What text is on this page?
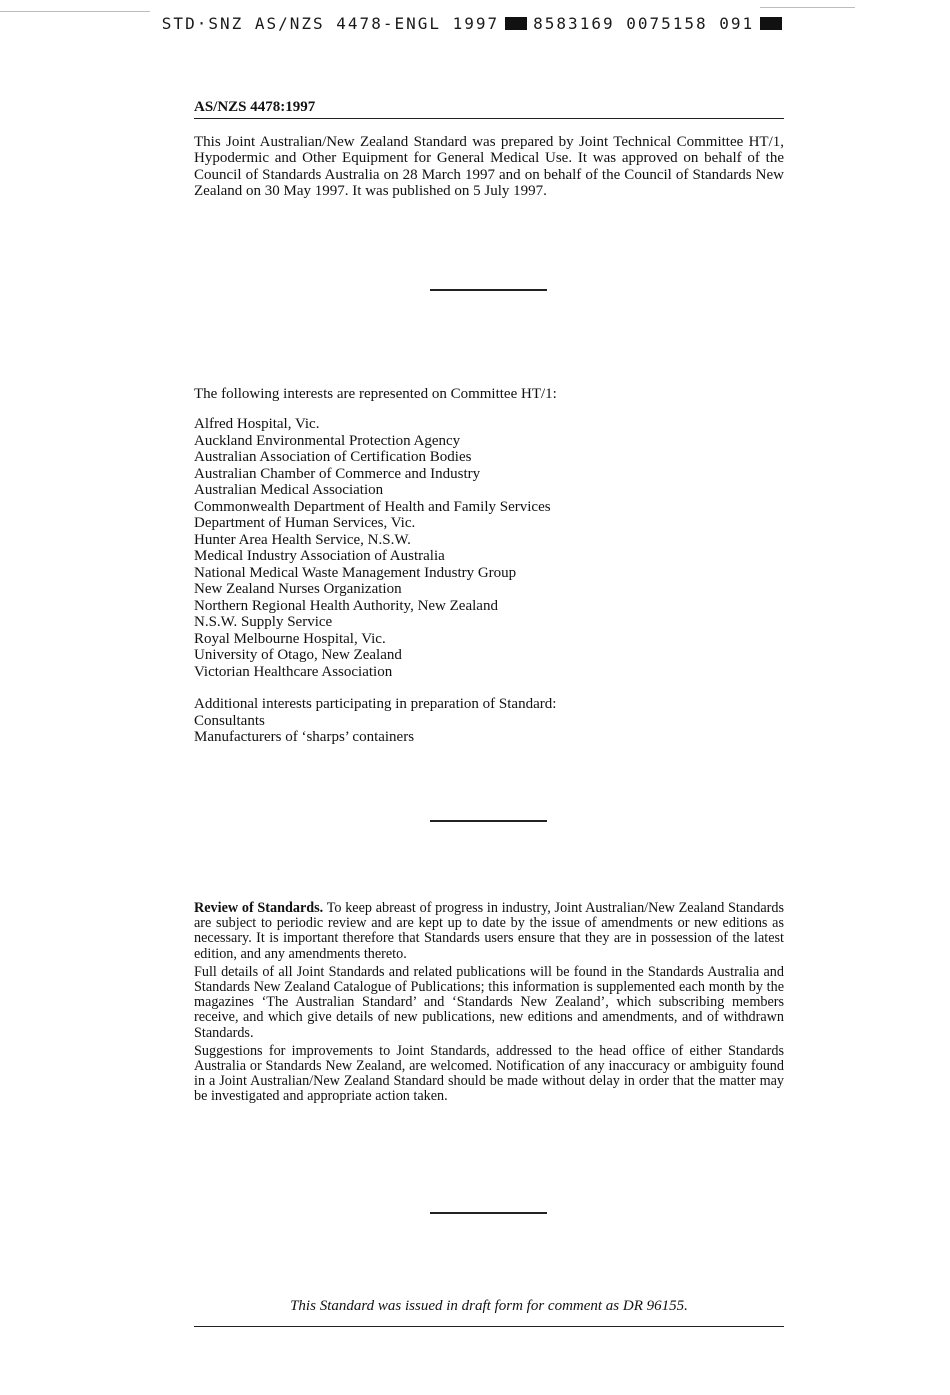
STD·SNZ AS/NZS 4478-ENGL 1997 8583169 0075158 091
AS/NZS 4478:1997

This Joint Australian/New Zealand Standard was prepared by Joint Technical Committee HT/1, Hypodermic and Other Equipment for General Medical Use. It was approved on behalf of the Council of Standards Australia on 28 March 1997 and on behalf of the Council of Standards New Zealand on 30 May 1997. It was published on 5 July 1997.

The following interests are represented on Committee HT/1:

Alfred Hospital, Vic.
Auckland Environmental Protection Agency
Australian Association of Certification Bodies
Australian Chamber of Commerce and Industry
Australian Medical Association
Commonwealth Department of Health and Family Services
Department of Human Services, Vic.
Hunter Area Health Service, N.S.W.
Medical Industry Association of Australia
National Medical Waste Management Industry Group
New Zealand Nurses Organization
Northern Regional Health Authority, New Zealand
N.S.W. Supply Service
Royal Melbourne Hospital, Vic.
University of Otago, New Zealand
Victorian Healthcare Association
Additional interests participating in preparation of Standard:
Consultants
Manufacturers of ‘sharps’ containers

Review of Standards. To keep abreast of progress in industry, Joint Australian/New Zealand Standards are subject to periodic review and are kept up to date by the issue of amendments or new editions as necessary. It is important therefore that Standards users ensure that they are in possession of the latest edition, and any amendments thereto.

Full details of all Joint Standards and related publications will be found in the Standards Australia and Standards New Zealand Catalogue of Publications; this information is supplemented each month by the magazines ‘The Australian Standard’ and ‘Standards New Zealand’, which subscribing members receive, and which give details of new publications, new editions and amendments, and of withdrawn Standards.

Suggestions for improvements to Joint Standards, addressed to the head office of either Standards Australia or Standards New Zealand, are welcomed. Notification of any inaccuracy or ambiguity found in a Joint Australian/New Zealand Standard should be made without delay in order that the matter may be investigated and appropriate action taken.

This Standard was issued in draft form for comment as DR 96155.
